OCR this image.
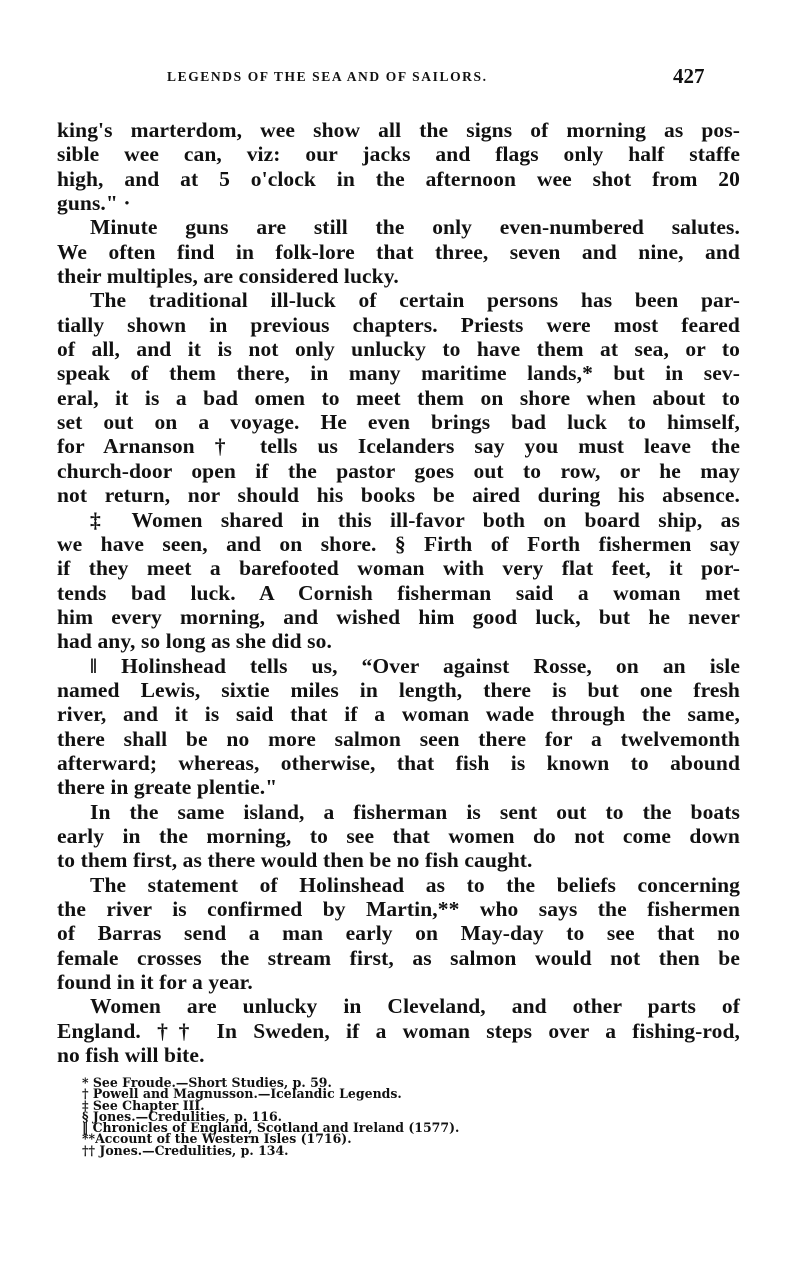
LEGENDS OF THE SEA AND OF SAILORS.	427
king's marterdom, wee show all the signs of morning as pos-
sible wee can, viz: our jacks and flags only half staffe
high, and at 5 o'clock in the afternoon wee shot from 20
guns." ·
Minute guns are still the only even-numbered salutes.
We often find in folk-lore that three, seven and nine, and
their multiples, are considered lucky.
The traditional ill-luck of certain persons has been par-
tially shown in previous chapters. Priests were most feared
of all, and it is not only unlucky to have them at sea, or to
speak of them there, in many maritime lands,* but in sev-
eral, it is a bad omen to meet them on shore when about to
set out on a voyage. He even brings bad luck to himself,
for Arnanson † tells us Icelanders say you must leave the
church-door open if the pastor goes out to row, or he may
not return, nor should his books be aired during his absence.
‡ Women shared in this ill-favor both on board ship, as
we have seen, and on shore. § Firth of Forth fishermen say
if they meet a barefooted woman with very flat feet, it por-
tends bad luck. A Cornish fisherman said a woman met
him every morning, and wished him good luck, but he never
had any, so long as she did so.
‖ Holinshead tells us, “Over against Rosse, on an isle
named Lewis, sixtie miles in length, there is but one fresh
river, and it is said that if a woman wade through the same,
there shall be no more salmon seen there for a twelvemonth
afterward; whereas, otherwise, that fish is known to abound
there in greate plentie."
In the same island, a fisherman is sent out to the boats
early in the morning, to see that women do not come down
to them first, as there would then be no fish caught.
The statement of Holinshead as to the beliefs concerning
the river is confirmed by Martin,** who says the fishermen
of Barras send a man early on May-day to see that no
female crosses the stream first, as salmon would not then be
found in it for a year.
Women are unlucky in Cleveland, and other parts of
England. †† In Sweden, if a woman steps over a fishing-rod,
no fish will bite.
* See Froude.—Short Studies, p. 59.
† Powell and Magnusson.—Icelandic Legends.
‡ See Chapter III.
§ Jones.—Credulities, p. 116.
‖ Chronicles of England, Scotland and Ireland (1577).
**Account of the Western Isles (1716).
†† Jones.—Credulities, p. 134.
